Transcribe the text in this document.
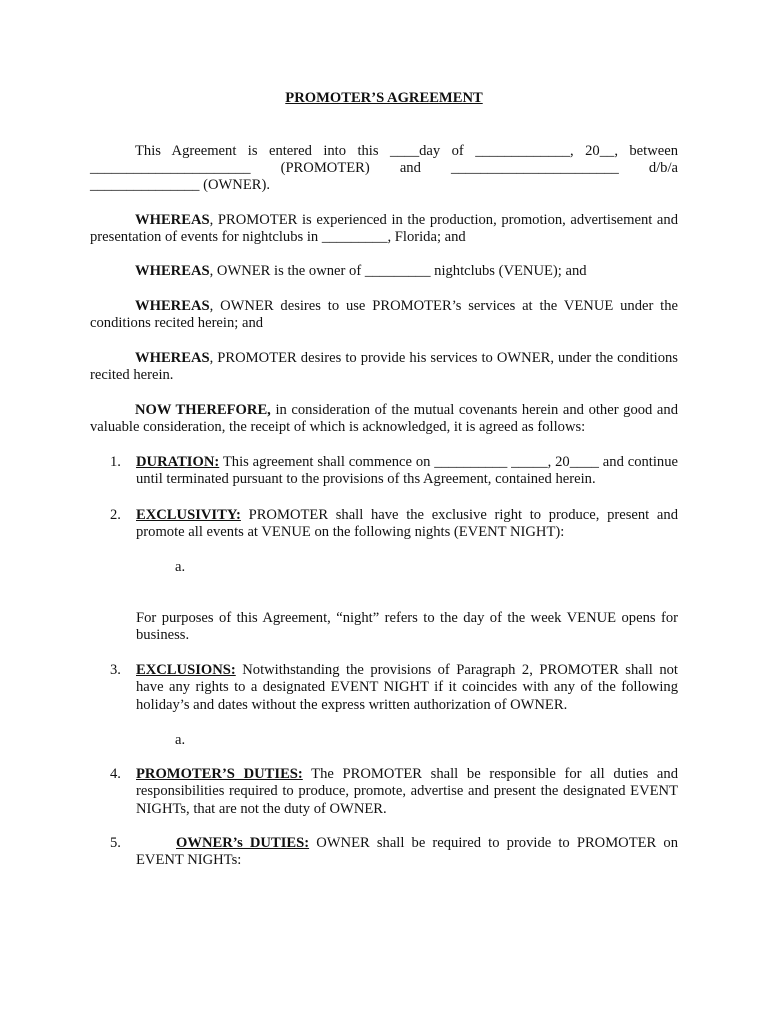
PROMOTER’S AGREEMENT
This Agreement is entered into this ____day of _____________, 20__, between
______________________ (PROMOTER) and _______________________ d/b/a
_______________ (OWNER).

WHEREAS, PROMOTER is experienced in the production, promotion, advertisement and presentation of events for nightclubs in _________, Florida; and

WHEREAS, OWNER is the owner of _________ nightclubs (VENUE); and

WHEREAS, OWNER desires to use PROMOTER’s services at the VENUE under the conditions recited herein; and

WHEREAS, PROMOTER desires to provide his services to OWNER, under the conditions recited herein.

NOW THEREFORE, in consideration of the mutual covenants herein and other good and valuable consideration, the receipt of which is acknowledged, it is agreed as follows:

1.	DURATION: This agreement shall commence on __________ _____, 20____ and continue until terminated pursuant to the provisions of ths Agreement, contained herein.

2.	EXCLUSIVITY: PROMOTER shall have the exclusive right to produce, present and promote all events at VENUE on the following nights (EVENT NIGHT):

a.

For purposes of this Agreement, “night” refers to the day of the week VENUE opens for business.

3.	EXCLUSIONS: Notwithstanding the provisions of Paragraph 2, PROMOTER shall not have any rights to a designated EVENT NIGHT if it coincides with any of the following holiday’s and dates without the express written authorization of OWNER.

a.
4.	PROMOTER’S DUTIES: The PROMOTER shall be responsible for all duties and responsibilities required to produce, promote, advertise and present the designated EVENT NIGHTs, that are not the duty of OWNER.

5.	OWNER’s DUTIES: OWNER shall be required to provide to PROMOTER on EVENT NIGHTs:
